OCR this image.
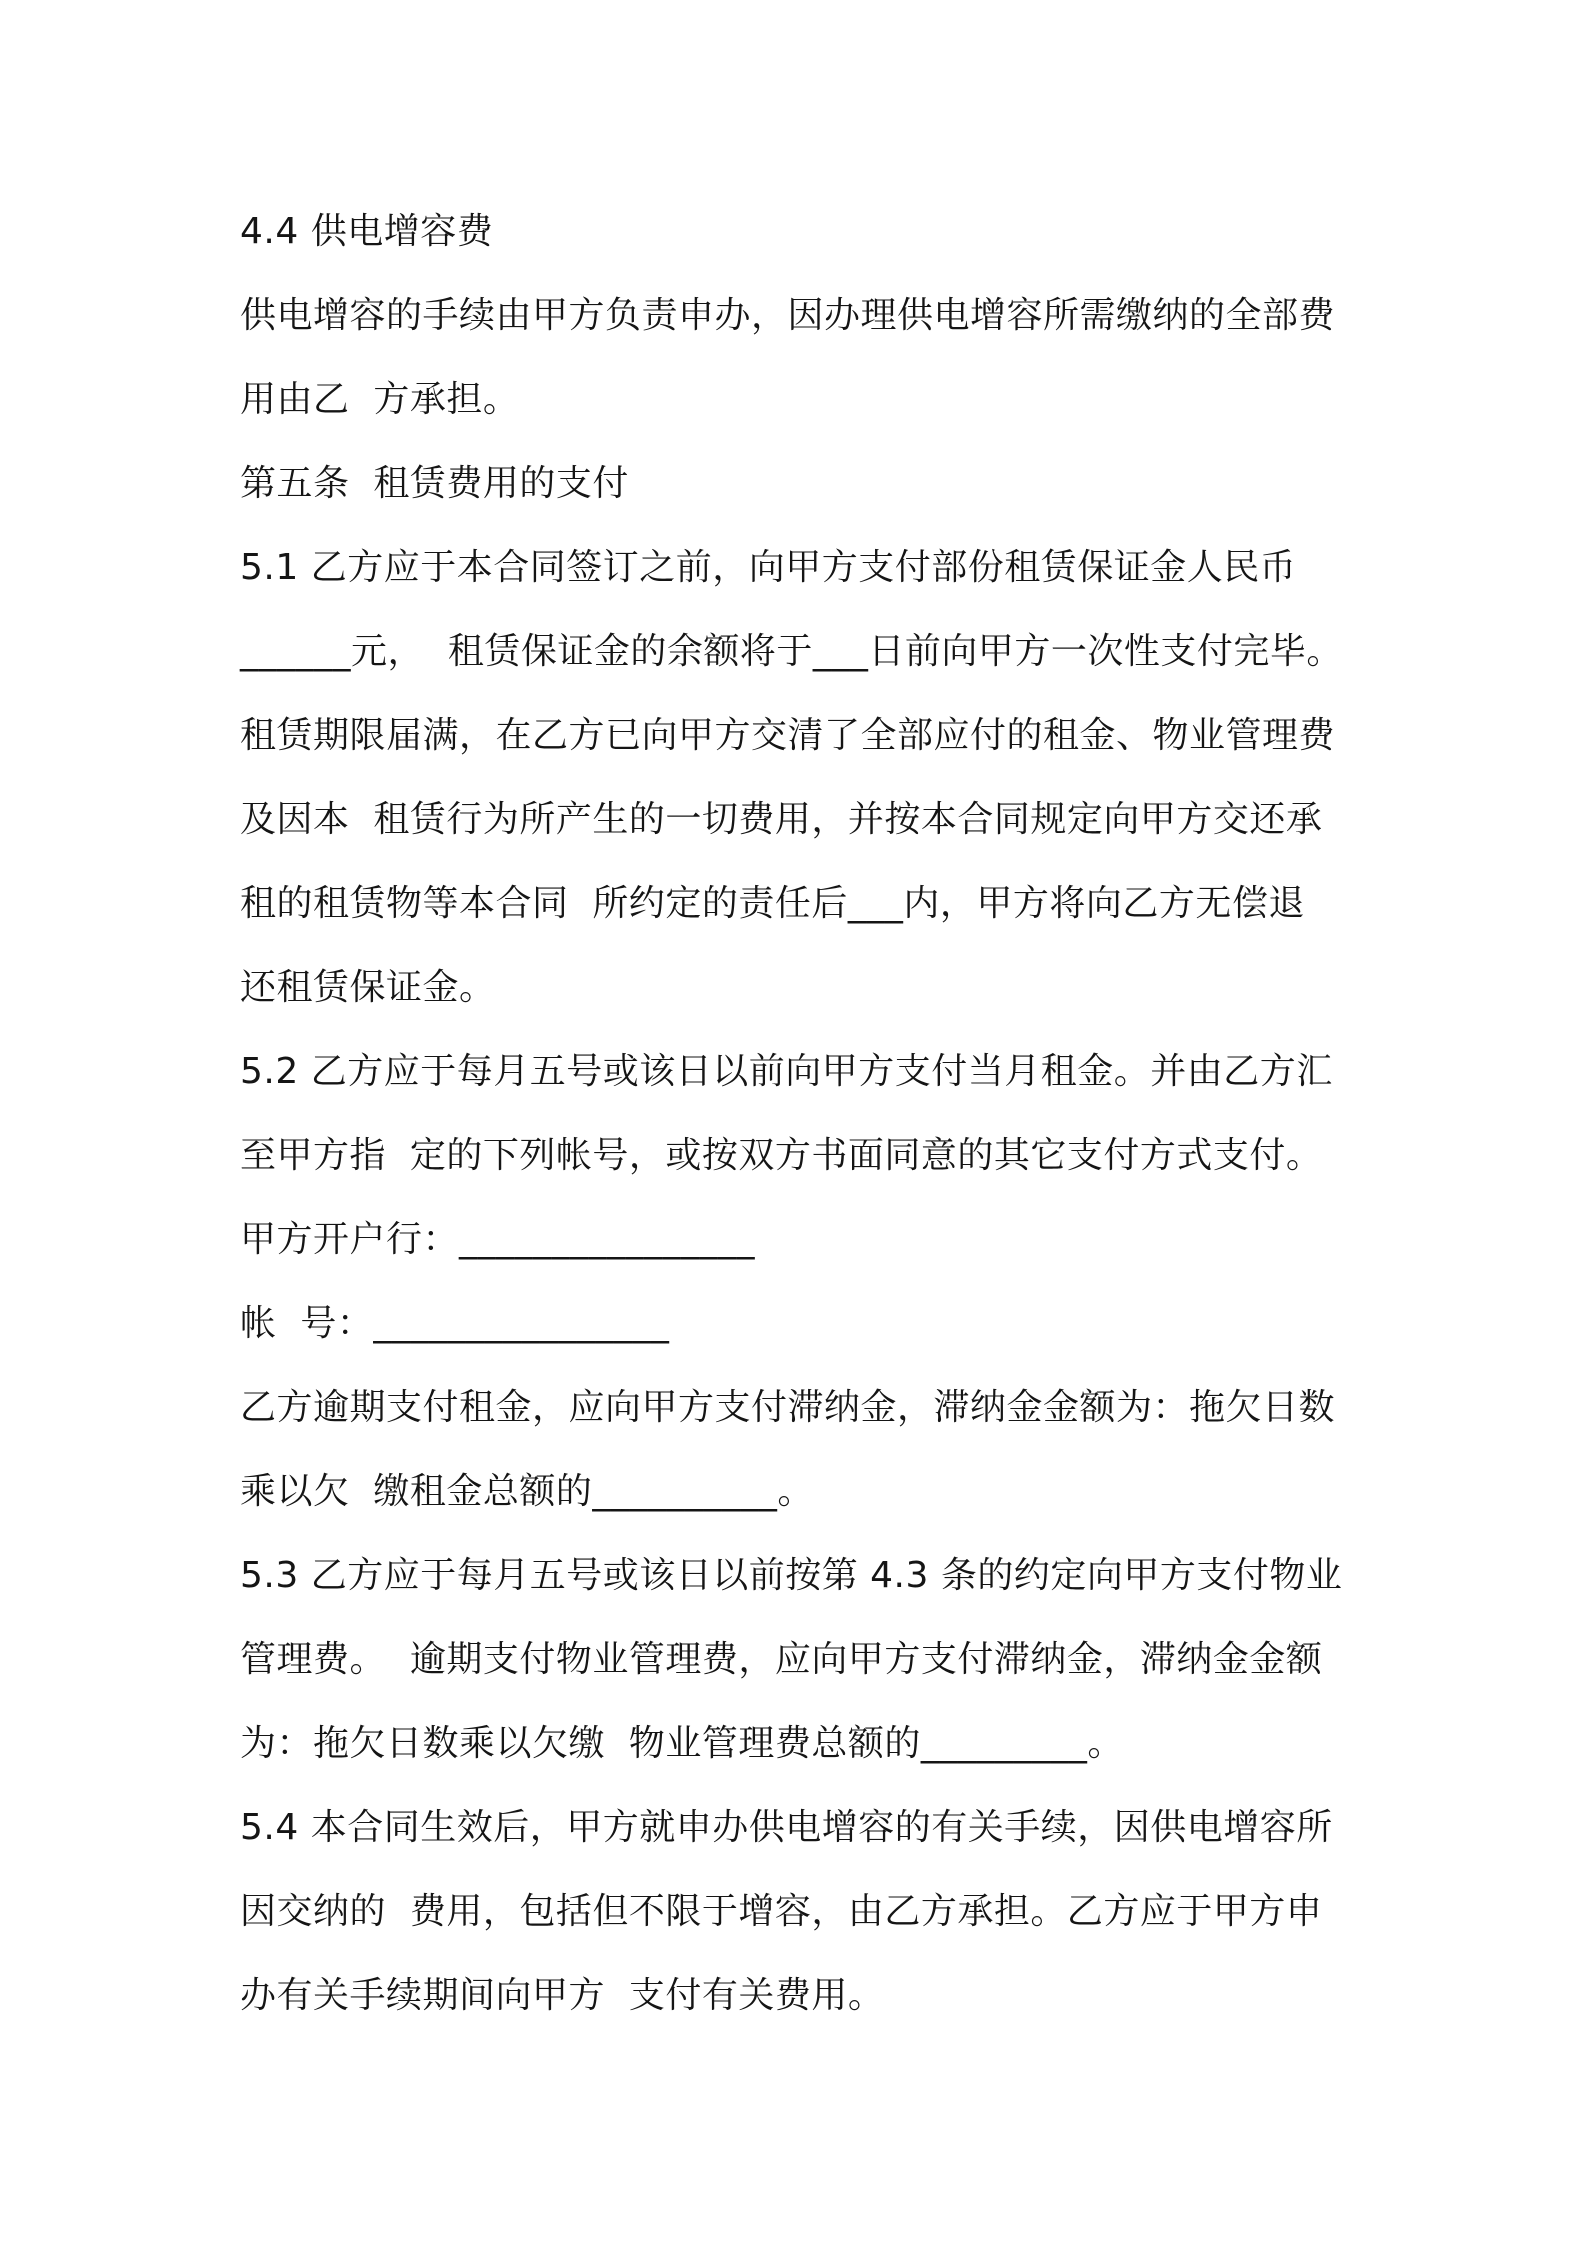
4.4 供电增容费
供电增容的手续由甲方负责申办，因办理供电增容所需缴纳的全部费
用由乙  方承担。
第五条  租赁费用的支付
5.1 乙方应于本合同签订之前，向甲方支付部份租赁保证金人民币
______元，  租赁保证金的余额将于___日前向甲方一次性支付完毕。
租赁期限届满，在乙方已向甲方交清了全部应付的租金、物业管理费
及因本  租赁行为所产生的一切费用，并按本合同规定向甲方交还承
租的租赁物等本合同  所约定的责任后___内，甲方将向乙方无偿退
还租赁保证金。
5.2 乙方应于每月五号或该日以前向甲方支付当月租金。并由乙方汇
至甲方指  定的下列帐号，或按双方书面同意的其它支付方式支付。
甲方开户行：________________
帐  号：________________
乙方逾期支付租金，应向甲方支付滞纳金，滞纳金金额为：拖欠日数
乘以欠  缴租金总额的__________。
5.3 乙方应于每月五号或该日以前按第 4.3 条的约定向甲方支付物业
管理费。  逾期支付物业管理费，应向甲方支付滞纳金，滞纳金金额
为：拖欠日数乘以欠缴  物业管理费总额的_________。
5.4 本合同生效后，甲方就申办供电增容的有关手续，因供电增容所
因交纳的  费用，包括但不限于增容，由乙方承担。乙方应于甲方申
办有关手续期间向甲方  支付有关费用。
